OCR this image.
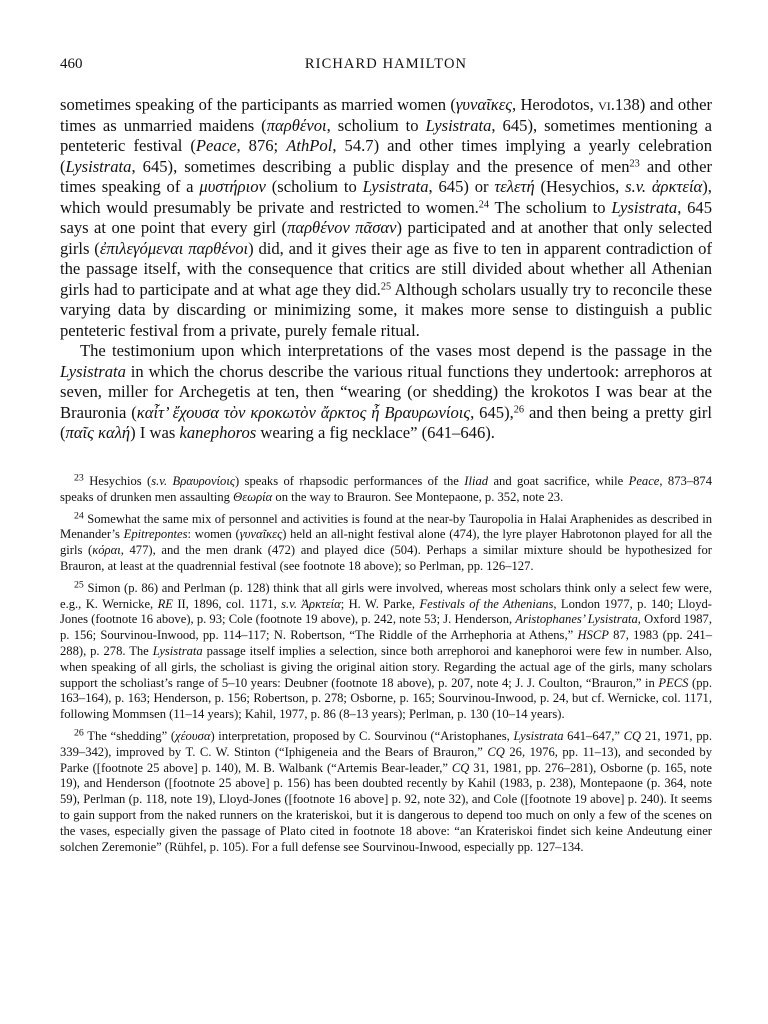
460	RICHARD HAMILTON

sometimes speaking of the participants as married women (γυναῖκες, Herodotos, vi.138) and other times as unmarried maidens (παρθένοι, scholium to Lysistrata, 645), sometimes mentioning a penteteric festival (Peace, 876; AthPol, 54.7) and other times implying a yearly celebration (Lysistrata, 645), sometimes describing a public display and the presence of men$^{23}$ and other times speaking of a μυστήριον (scholium to Lysistrata, 645) or τελετή (Hesychios, s.v. ἀρκτεία), which would presumably be private and restricted to women.$^{24}$ The scholium to Lysistrata, 645 says at one point that every girl (παρθένον πᾶσαν) participated and at another that only selected girls (ἐπιλεγόμεναι παρθένοι) did, and it gives their age as five to ten in apparent contradiction of the passage itself, with the consequence that critics are still divided about whether all Athenian girls had to participate and at what age they did.$^{25}$ Although scholars usually try to reconcile these varying data by discarding or minimizing some, it makes more sense to distinguish a public penteteric festival from a private, purely female ritual.

The testimonium upon which interpretations of the vases most depend is the passage in the Lysistrata in which the chorus describe the various ritual functions they undertook: arrephoros at seven, miller for Archegetis at ten, then “wearing (or shedding) the krokotos I was bear at the Brauronia (καἶτ’ ἔχουσα τὸν κροκωτὸν ἄρκτος ἦ Βραυρωνίοις, 645),$^{26}$ and then being a pretty girl (παῖς καλή) I was kanephoros wearing a fig necklace” (641–646).

$^{23}$ Hesychios (s.v. Βραυρονίοις) speaks of rhapsodic performances of the Iliad and goat sacrifice, while Peace, 873–874 speaks of drunken men assaulting Θεωρία on the way to Brauron. See Montepaone, p. 352, note 23.

$^{24}$ Somewhat the same mix of personnel and activities is found at the near-by Tauropolia in Halai Araphenides as described in Menander’s Epitrepontes: women (γυναῖκες) held an all-night festival alone (474), the lyre player Habrotonon played for all the girls (κόραι, 477), and the men drank (472) and played dice (504). Perhaps a similar mixture should be hypothesized for Brauron, at least at the quadrennial festival (see footnote 18 above); so Perlman, pp. 126–127.

$^{25}$ Simon (p. 86) and Perlman (p. 128) think that all girls were involved, whereas most scholars think only a select few were, e.g., K. Wernicke, RE II, 1896, col. 1171, s.v. Ἀρκτεία; H. W. Parke, Festivals of the Athenians, London 1977, p. 140; Lloyd-Jones (footnote 16 above), p. 93; Cole (footnote 19 above), p. 242, note 53; J. Henderson, Aristophanes’ Lysistrata, Oxford 1987, p. 156; Sourvinou-Inwood, pp. 114–117; N. Robertson, “The Riddle of the Arrhephoria at Athens,” HSCP 87, 1983 (pp. 241–288), p. 278. The Lysistrata passage itself implies a selection, since both arrephoroi and kanephoroi were few in number. Also, when speaking of all girls, the scholiast is giving the original aition story. Regarding the actual age of the girls, many scholars support the scholiast’s range of 5–10 years: Deubner (footnote 18 above), p. 207, note 4; J. J. Coulton, “Brauron,” in PECS (pp. 163–164), p. 163; Henderson, p. 156; Robertson, p. 278; Osborne, p. 165; Sourvinou-Inwood, p. 24, but cf. Wernicke, col. 1171, following Mommsen (11–14 years); Kahil, 1977, p. 86 (8–13 years); Perlman, p. 130 (10–14 years).

$^{26}$ The “shedding” (χέουσα) interpretation, proposed by C. Sourvinou (“Aristophanes, Lysistrata 641–647,” CQ 21, 1971, pp. 339–342), improved by T. C. W. Stinton (“Iphigeneia and the Bears of Brauron,” CQ 26, 1976, pp. 11–13), and seconded by Parke ([footnote 25 above] p. 140), M. B. Walbank (“Artemis Bear-leader,” CQ 31, 1981, pp. 276–281), Osborne (p. 165, note 19), and Henderson ([footnote 25 above] p. 156) has been doubted recently by Kahil (1983, p. 238), Montepaone (p. 364, note 59), Perlman (p. 118, note 19), Lloyd-Jones ([footnote 16 above] p. 92, note 32), and Cole ([footnote 19 above] p. 240). It seems to gain support from the naked runners on the krateriskoi, but it is dangerous to depend too much on only a few of the scenes on the vases, especially given the passage of Plato cited in footnote 18 above: “an Krateriskoi findet sich keine Andeutung einer solchen Zeremonie” (Rühfel, p. 105). For a full defense see Sourvinou-Inwood, especially pp. 127–134.
